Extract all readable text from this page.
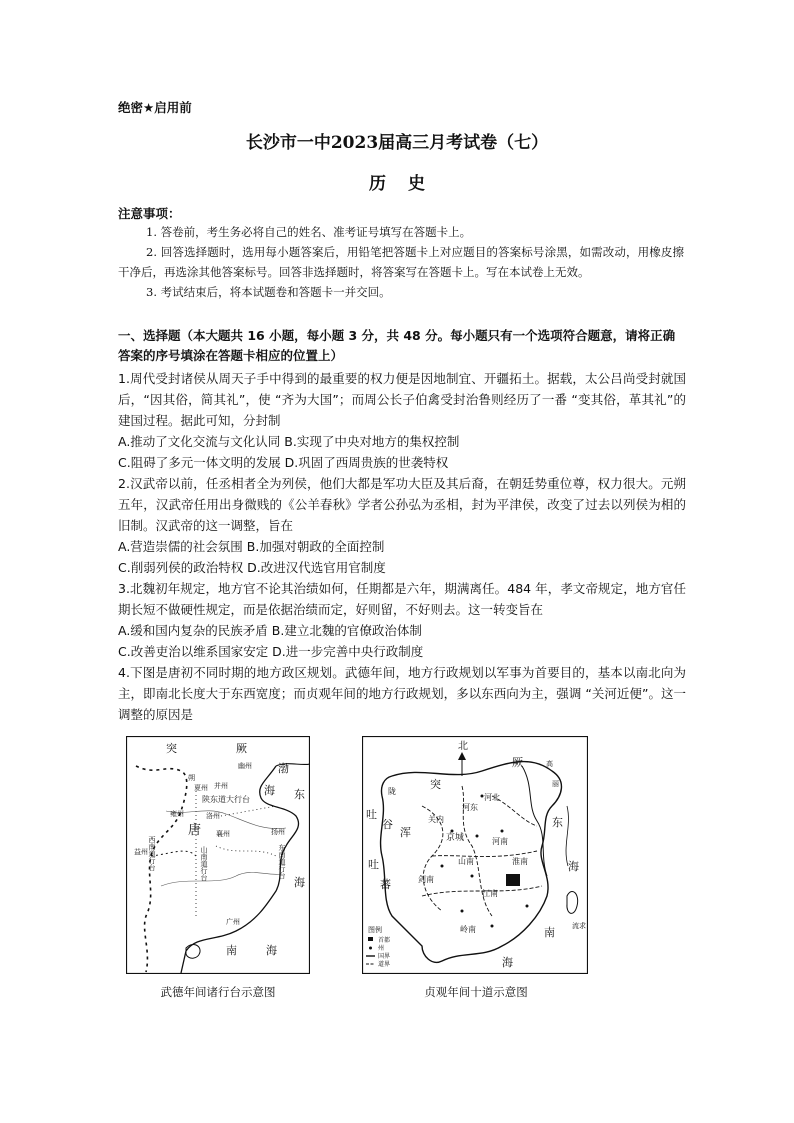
绝密★启用前
长沙市一中2023届高三月考试卷（七）
历史
注意事项：

1. 答卷前，考生务必将自己的姓名、准考证号填写在答题卡上。

2. 回答选择题时，选用每小题答案后，用铅笔把答题卡上对应题目的答案标号涂黑，如需改动，用橡皮擦干净后，再选涂其他答案标号。回答非选择题时，将答案写在答题卡上。写在本试卷上无效。

3. 考试结束后，将本试题卷和答题卡一并交回。

一、选择题（本大题共 16 小题，每小题 3 分，共 48 分。每小题只有一个选项符合题意，请将正确答案的序号填涂在答题卡相应的位置上）

1.周代受封诸侯从周天子手中得到的最重要的权力便是因地制宜、开疆拓土。据载，太公吕尚受封就国后，“因其俗，简其礼”，使 “齐为大国”；而周公长子伯禽受封治鲁则经历了一番 “变其俗，革其礼”的建国过程。据此可知，分封制

A.推动了文化交流与文化认同 B.实现了中央对地方的集权控制

C.阻碍了多元一体文明的发展 D.巩固了西周贵族的世袭特权

2.汉武帝以前，任丞相者全为列侯，他们大都是军功大臣及其后裔，在朝廷势重位尊，权力很大。元朔五年，汉武帝任用出身微贱的《公羊春秋》学者公孙弘为丞相，封为平津侯，改变了过去以列侯为相的旧制。汉武帝的这一调整，旨在

A.营造崇儒的社会氛围 B.加强对朝政的全面控制

C.削弱列侯的政治特权 D.改进汉代选官用官制度

3.北魏初年规定，地方官不论其治绩如何，任期都是六年，期满离任。484 年，孝文帝规定，地方官任期长短不做硬性规定，而是依据治绩而定，好则留，不好则去。这一转变旨在

A.缓和国内复杂的民族矛盾 B.建立北魏的官僚政治体制

C.改善吏治以维系国家安定 D.进一步完善中央行政制度

4.下图是唐初不同时期的地方政区规划。武德年间，地方行政规划以军事为首要目的，基本以南北向为主，即南北长度大于东西宽度；而贞观年间的地方行政规划，多以东西向为主，强调 “关河近便”。这一调整的原因是

突	厥
幽州 渤
海
朔
夏州 并州
陕东道大行台
洛州
雍州
唐
东
襄州	扬州
益州
广州
海
南	海
西南道行台	山南道行台	东南道行台
北
突
厥	高
丽
陇
吐
谷
浑
吐
蕃
河北
河东
关内
京城	河南
淮南
山南
剑南
江南
岭南
东
海
南
海
流求
图例
首都
州
国界
道界
武德年间诸行台示意图	贞观年间十道示意图
